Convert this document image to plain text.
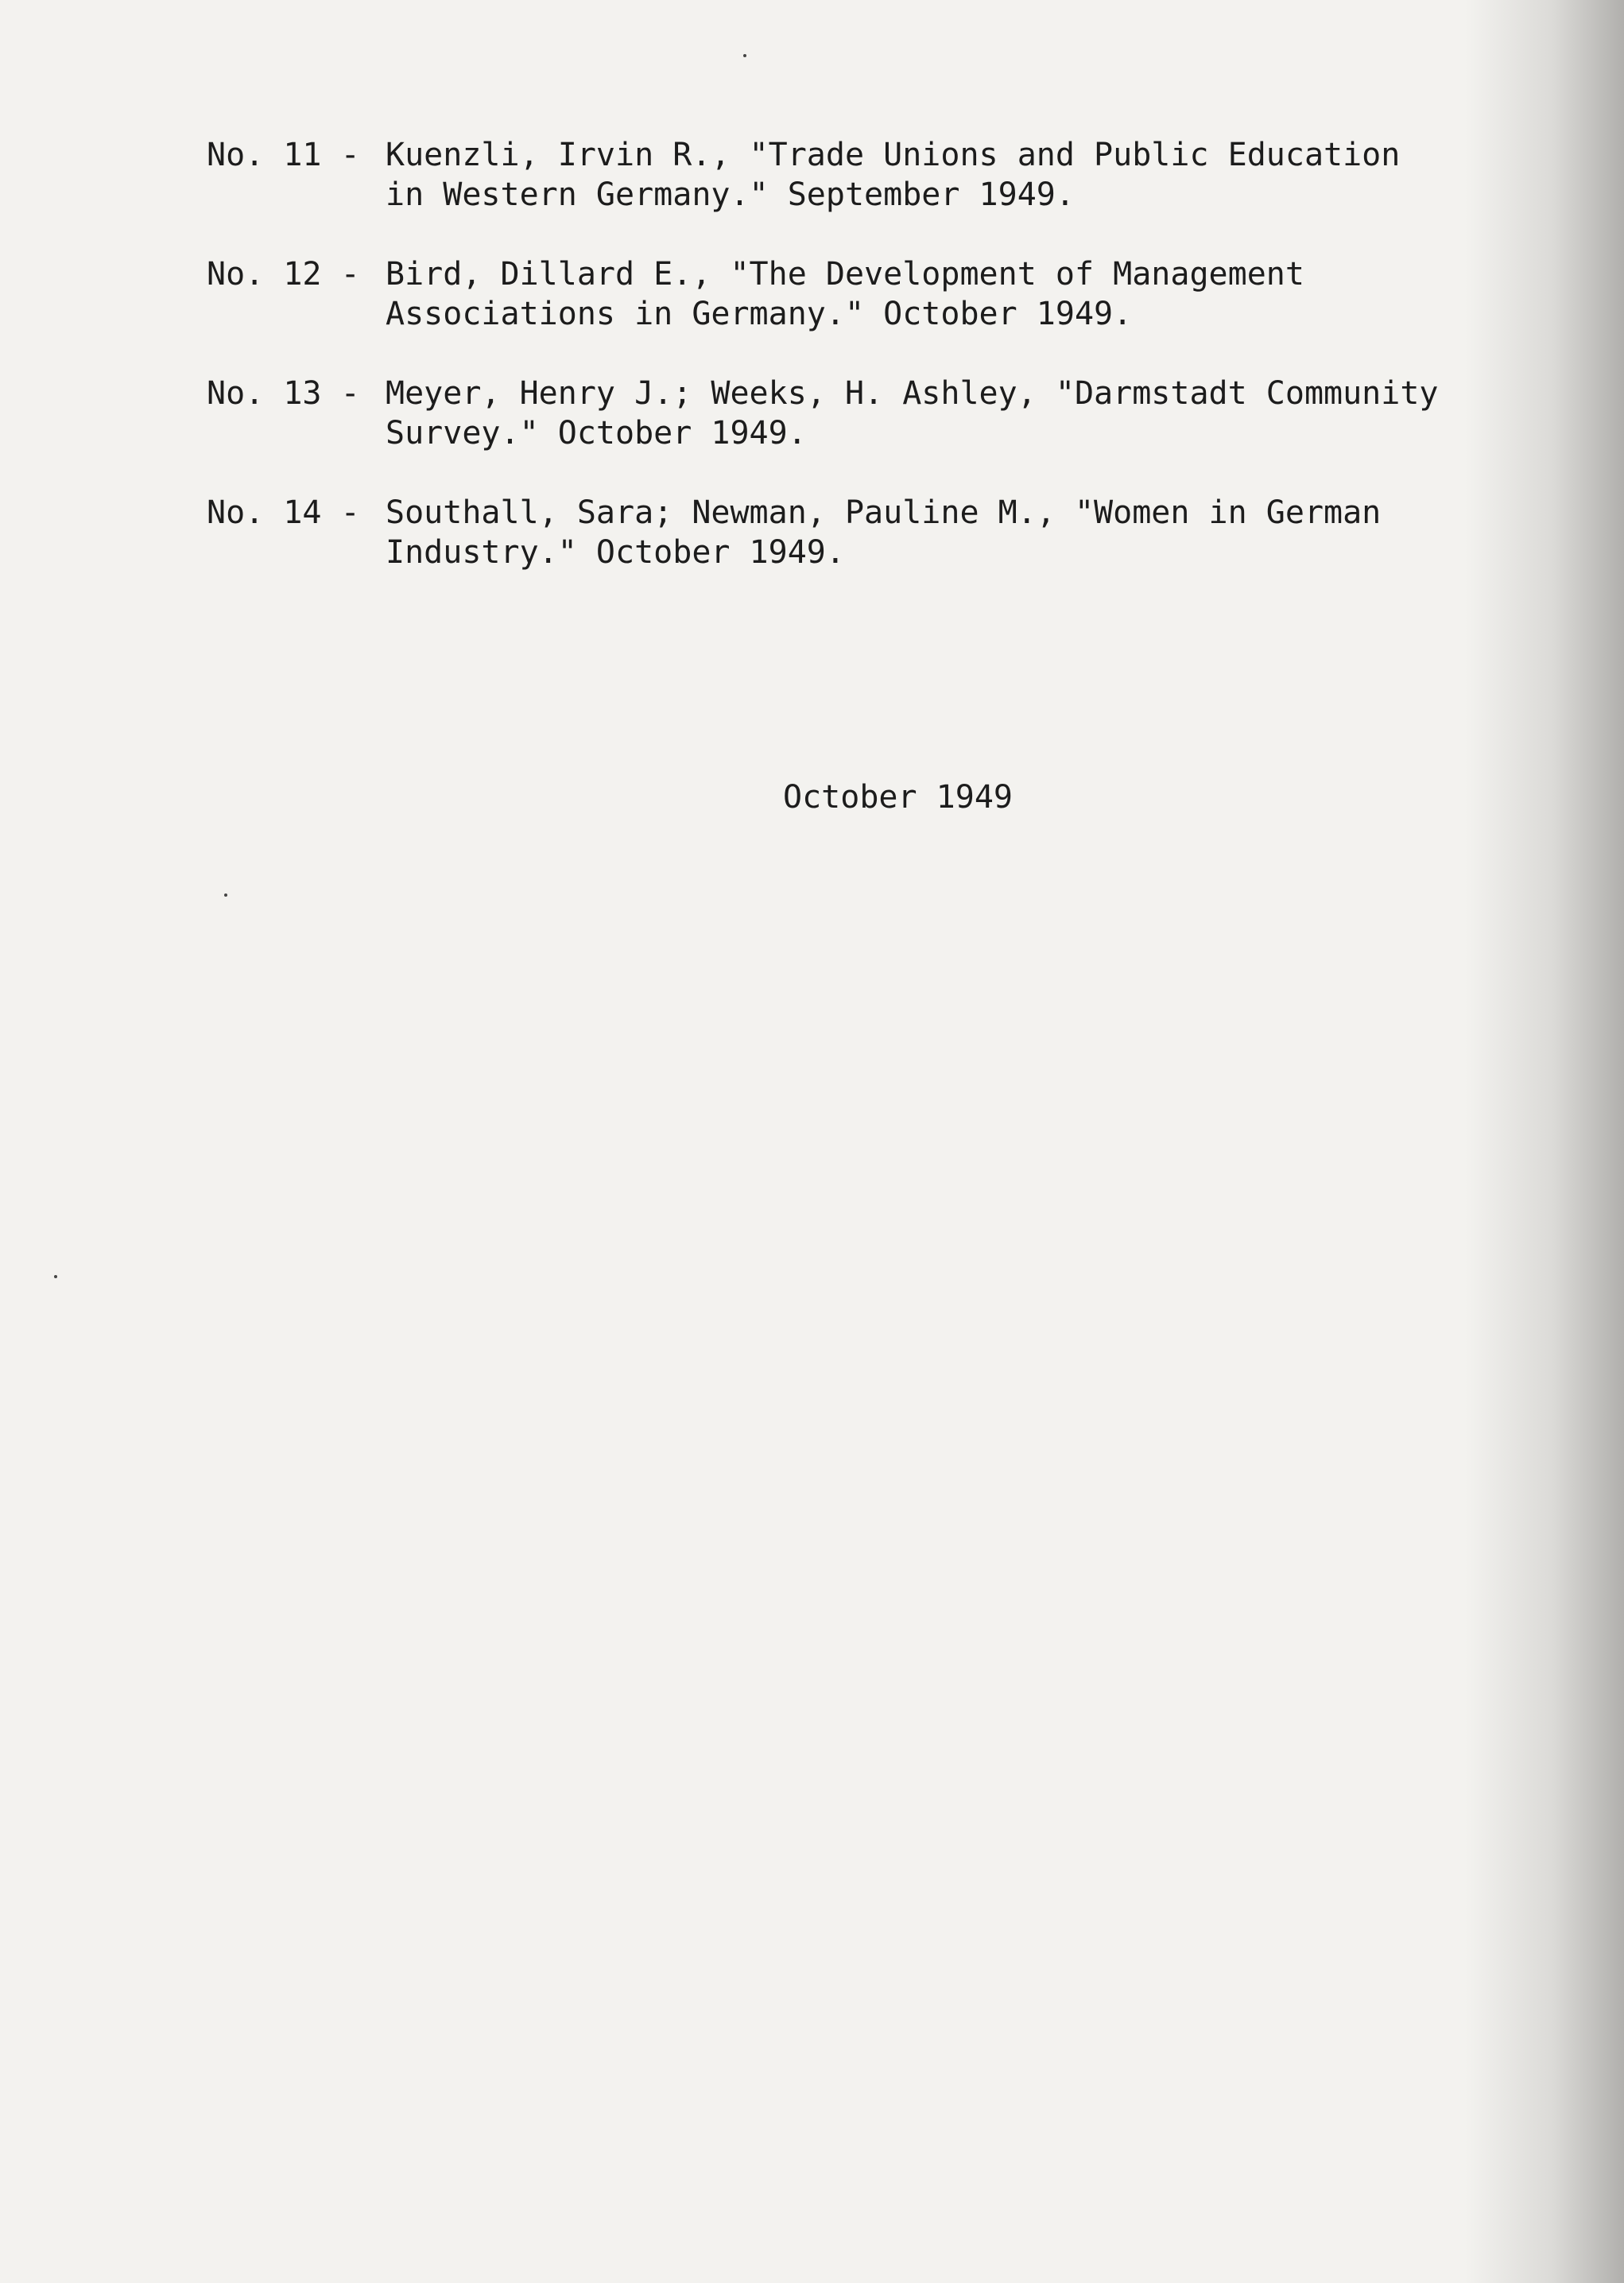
No. 11 - Kuenzli, Irvin R., "Trade Unions and Public Education
in Western Germany." September 1949.
No. 12 - Bird, Dillard E., "The Development of Management
Associations in Germany." October 1949.
No. 13 - Meyer, Henry J.; Weeks, H. Ashley, "Darmstadt Community
Survey." October 1949.
No. 14 - Southall, Sara; Newman, Pauline M., "Women in German
Industry." October 1949.
October 1949
